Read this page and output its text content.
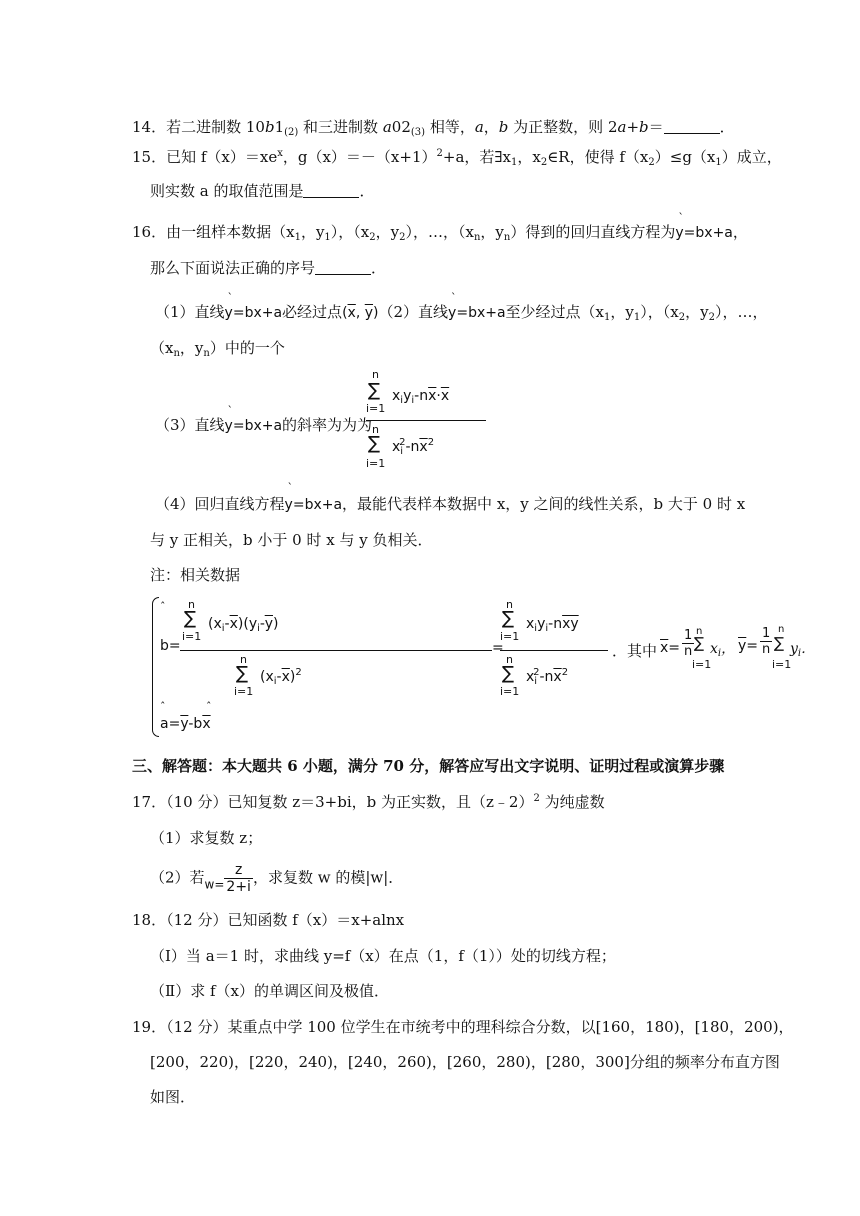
14．若二进制数 $10b1_{(2)}$ 和三进制数 $a02_{(3)}$ 相等，a，b 为正整数，则 2a+b＝	．
15．已知 $f(x)=xe^x$，$g(x)=-(x+1)^2+a$，若$\exists x_1$，$x_2\in R$，使得 $f(x_2)\le g(x_1)$成立，
则实数 a 的取值范围是	．
16．由一组样本数据（$x_1$，$y_1$），（$x_2$，$y_2$），…，（$x_n$，$y_n$）得到的回归直线方程为
ˋ
y=bx+a，
那么下面说法正确的序号	．
（1）直线
ˋ
y=bx+a必经过点($\overline{x}$, $\overline{y})(2)$直线
ˋ
y=bx+a至少经过点（$x_1$，$y_1$），（$x_2$，$y_2$），…，
（$x_n$，$y_n$）中的一个
（3）直线
ˋ
y=bx+a的斜率为为为
n
∑
i=1
$x_iy_i-n\overline{x}\cdot\overline{x}$
n
∑
i=1
$x_i^2-n\overline{x}^2$
（4）回归直线方程
ˋ
y=bx+a，最能代表样本数据中 x，y 之间的线性关系，b 大于 0 时 x
与 y 正相关，b 小于 0 时 x 与 y 负相关．
注：相关数据
ˆ
b= n
∑
i=1
$(x_i-\overline{x})(y_i-\overline{y})$
n
∑
i=1
$(x_i-\overline{x})^2$ =
n
∑
i=1
$x_iy_i-n\overline{xy}$
n
∑
i=1
$x_i^2-n\overline{x}^2$
．其中 $\overline{x}= \frac{1}{n}$ n
∑
i=1
$x_i$， $\overline{y}= \frac{1}{n}$ n
∑
i=1
$y_i$．
ˆ	ˆ
$a=\overline{y}-b\overline{x}$
三、解答题：本大题共 6 小题，满分 70 分，解答应写出文字说明、证明过程或演算步骤
17．（10 分）已知复数 z＝3+bi，b 为正实数，且（z﹣2）$^2$ 为纯虚数
（1）求复数 z；
（2）若$_{w=} \frac{z}{2+i}$ ，求复数 w 的模|w|．
18．（12 分）已知函数 f（x）＝x+alnx
（Ⅰ）当 a＝1 时，求曲线 y=f（x）在点（1，f（1））处的切线方程；
（Ⅱ）求 f（x）的单调区间及极值．
19．（12 分）某重点中学 100 位学生在市统考中的理科综合分数，以[160，180)，[180，200)，
[200，220)，[220，240)，[240，260)，[260，280)，[280，300]分组的频率分布直方图
如图．
